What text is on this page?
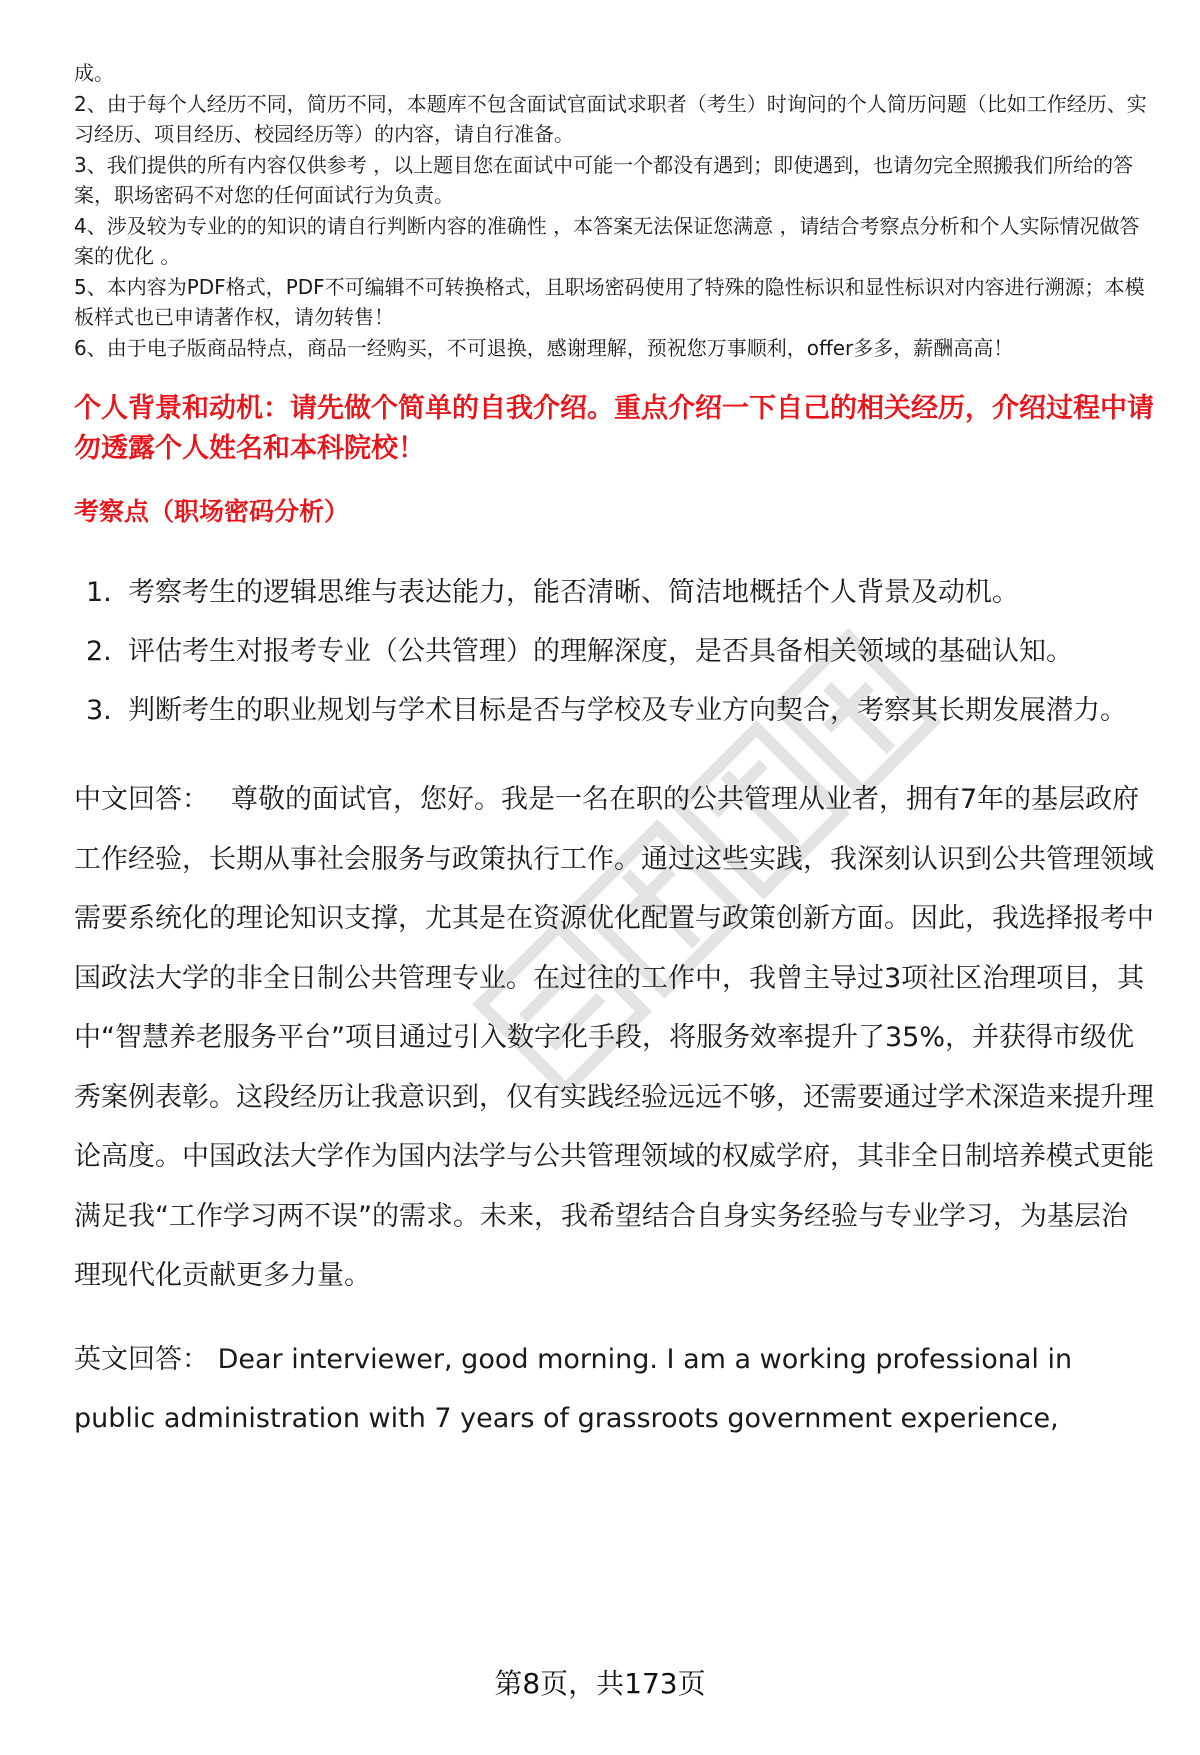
成。

2、由于每个人经历不同，简历不同，本题库不包含面试官面试求职者（考生）时询问的个人简历问题（比如工作经历、实习经历、项目经历、校园经历等）的内容，请自行准备。

3、我们提供的所有内容仅供参考 ，以上题目您在面试中可能一个都没有遇到；即使遇到，也请勿完全照搬我们所给的答案，职场密码不对您的任何面试行为负责。

4、涉及较为专业的的知识的请自行判断内容的准确性 ，本答案无法保证您满意 ，请结合考察点分析和个人实际情况做答案的优化 。

5、本内容为PDF格式，PDF不可编辑不可转换格式，且职场密码使用了特殊的隐性标识和显性标识对内容进行溯源；本模板样式也已申请著作权，请勿转售！

6、由于电子版商品特点，商品一经购买，不可退换，感谢理解，预祝您万事顺利，offer多多，薪酬高高！

个人背景和动机：请先做个简单的自我介绍。重点介绍一下自己的相关经历，介绍过程中请勿透露个人姓名和本科院校！

考察点（职场密码分析）

1. 考察考生的逻辑思维与表达能力，能否清晰、简洁地概括个人背景及动机。
2. 评估考生对报考专业（公共管理）的理解深度，是否具备相关领域的基础认知。
3. 判断考生的职业规划与学术目标是否与学校及专业方向契合，考察其长期发展潜力。

中文回答： 尊敬的面试官，您好。我是一名在职的公共管理从业者，拥有7年的基层政府工作经验，长期从事社会服务与政策执行工作。通过这些实践，我深刻认识到公共管理领域需要系统化的理论知识支撑，尤其是在资源优化配置与政策创新方面。因此，我选择报考中国政法大学的非全日制公共管理专业。在过往的工作中，我曾主导过3项社区治理项目，其中“智慧养老服务平台”项目通过引入数字化手段，将服务效率提升了35%，并获得市级优秀案例表彰。这段经历让我意识到，仅有实践经验远远不够，还需要通过学术深造来提升理论高度。中国政法大学作为国内法学与公共管理领域的权威学府，其非全日制培养模式更能满足我“工作学习两不误”的需求。未来，我希望结合自身实务经验与专业学习，为基层治理现代化贡献更多力量。

英文回答： Dear interviewer, good morning. I am a working professional in public administration with 7 years of grassroots government experience,

第8页，共173页
